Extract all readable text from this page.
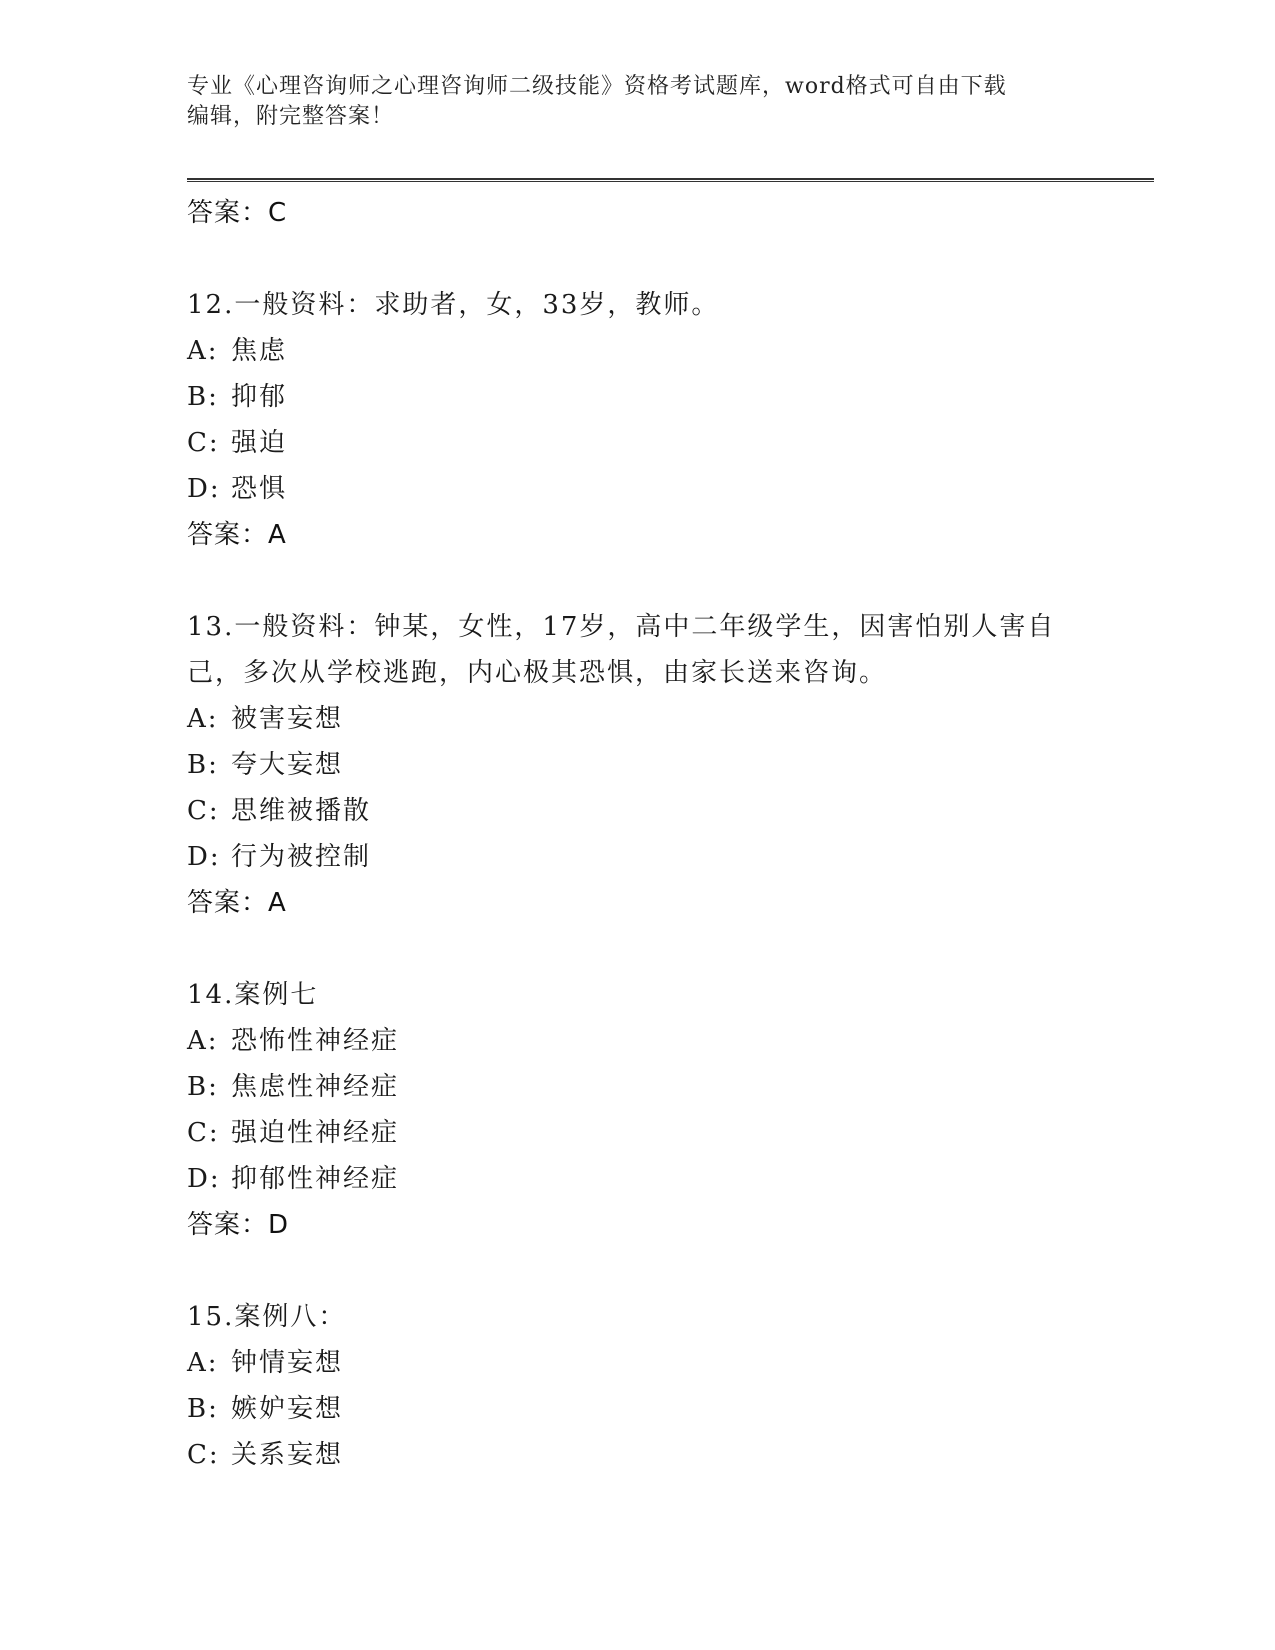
专业《心理咨询师之心理咨询师二级技能》资格考试题库，word格式可自由下载
编辑，附完整答案！
答案：C
12.一般资料：求助者，女，33岁，教师。
A: 焦虑
B: 抑郁
C: 强迫
D: 恐惧
答案：A
13.一般资料：钟某，女性，17岁，高中二年级学生，因害怕别人害自
己，多次从学校逃跑，内心极其恐惧，由家长送来咨询。
A: 被害妄想
B: 夸大妄想
C: 思维被播散
D: 行为被控制
答案：A
14.案例七
A: 恐怖性神经症
B: 焦虑性神经症
C: 强迫性神经症
D: 抑郁性神经症
答案：D
15.案例八：
A: 钟情妄想
B: 嫉妒妄想
C: 关系妄想
